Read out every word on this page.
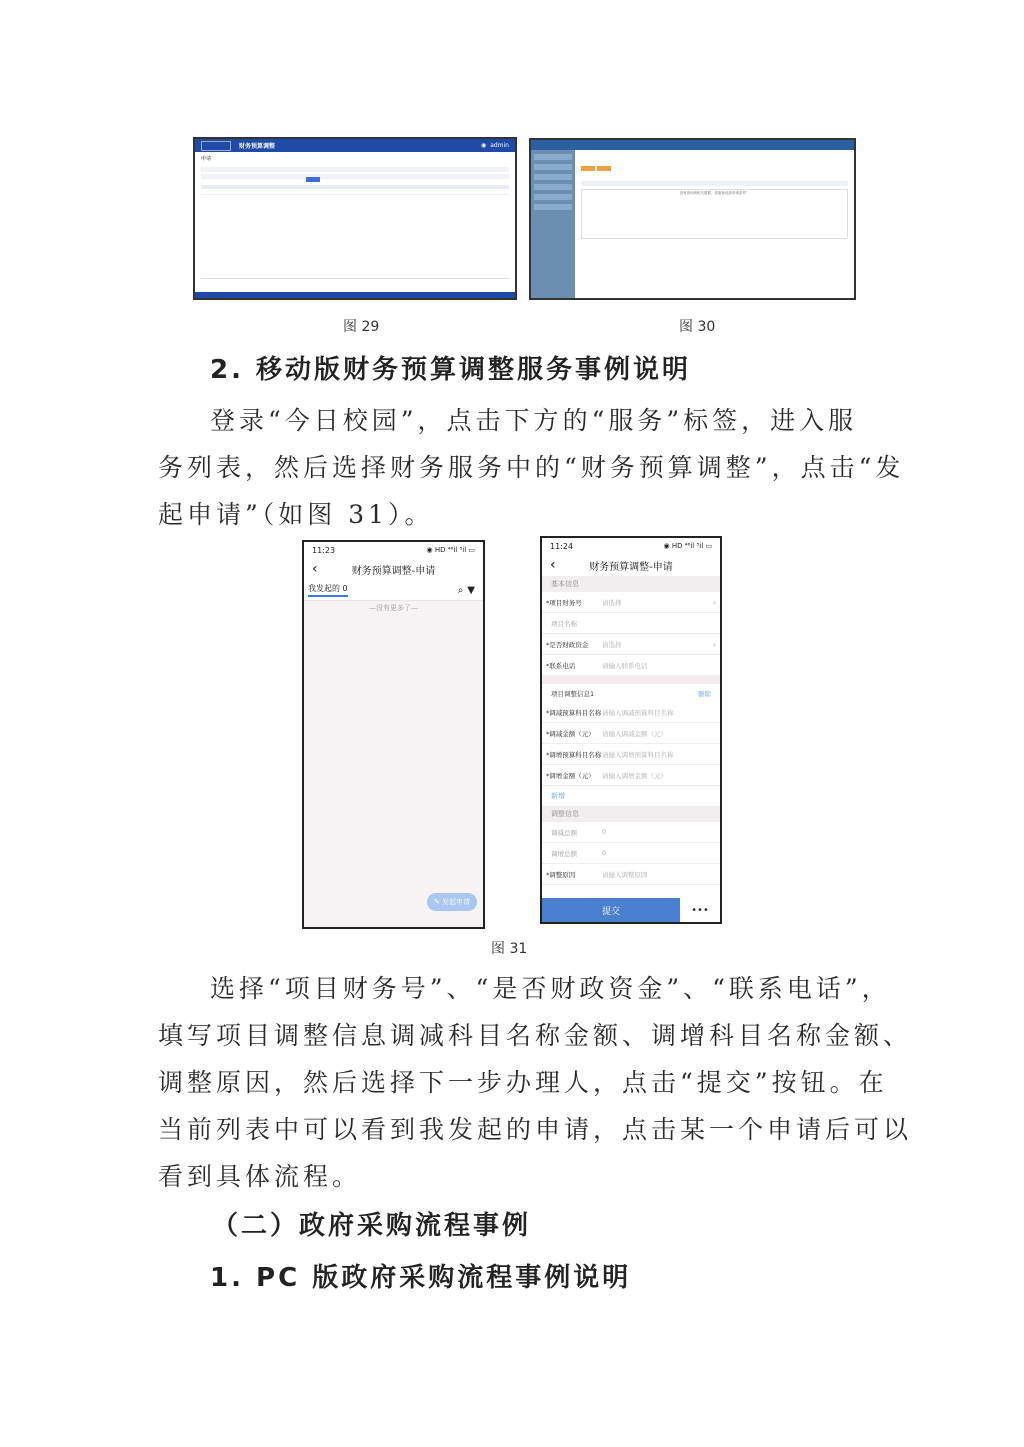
财务预算调整	◉ admin
申请
没有查询到相关数据，请重新选择查询条件！
图 29	图 30
2. 移动版财务预算调整服务事例说明
登录“今日校园”，点击下方的“服务”标签，进入服
务列表，然后选择财务服务中的“财务预算调整”，点击“发
起申请”（如图 31）。
11:23	◉ HD ⁴⁶il ⁵il ▭
‹	财务预算调整-申请
我发起的 0	⌕▼
—没有更多了—
✎
发起申请
11:24	◉ HD ⁴⁶il ⁵il ▭
‹	财务预算调整-申请
基本信息
*项目财务号	请选择	›
项目名称
*是否财政资金	请选择	›
*联系电话	请输入联系电话
项目调整信息1	删除
*调减预算科目名称 请输入调减预算科目名称
*调减金额（元）	请输入调减金额（元）
*调增预算科目名称 请输入调增预算科目名称
*调增金额（元）	请输入调增金额（元）
新增
调整信息
调减总额	0
调增总额	0
*调整原因	请输入调整原因
提交	•••
图 31
选择“项目财务号”、“是否财政资金”、“联系电话”，
填写项目调整信息调减科目名称金额、调增科目名称金额、
调整原因，然后选择下一步办理人，点击“提交”按钮。在
当前列表中可以看到我发起的申请，点击某一个申请后可以
看到具体流程。
（二）政府采购流程事例
1. PC 版政府采购流程事例说明
